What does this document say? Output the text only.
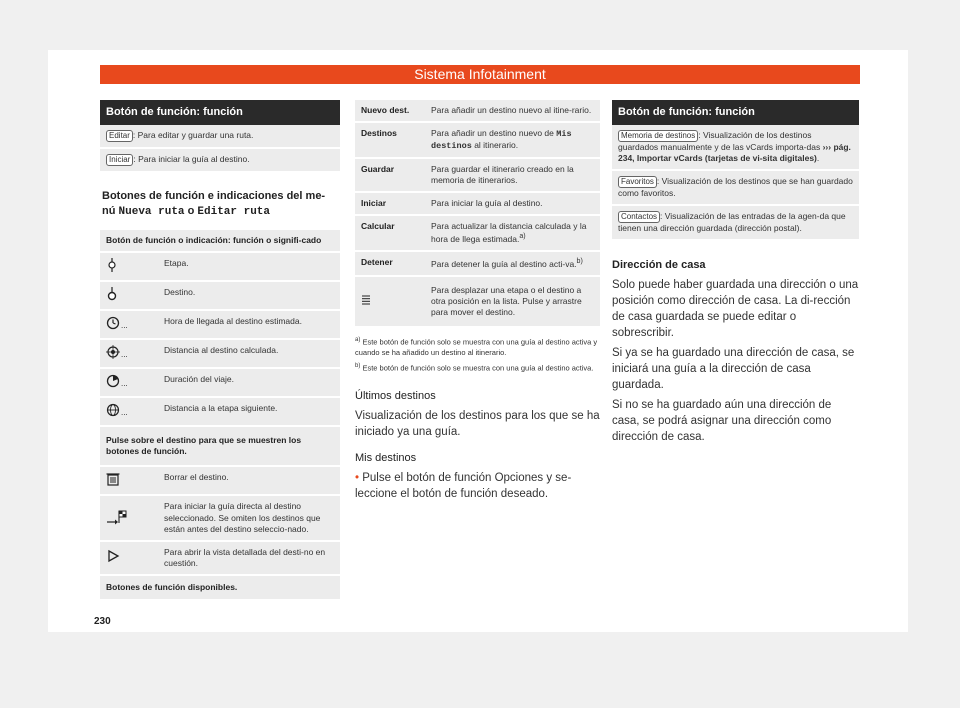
Sistema Infotainment
Botón de función: función
Editar : Para editar y guardar una ruta.
Iniciar : Para iniciar la guía al destino.
Botones de función e indicaciones del me-
nú Nueva ruta o Editar ruta
Botón de función o indicación: función o signifi-cado	
	Etapa.
	Destino.

...	Hora de llegada al destino estimada.

...	Distancia al destino calculada.

...	Duración del viaje.

...	Distancia a la etapa siguiente.
Pulse sobre el destino para que se muestren los botones de función.	
	Borrar el destino.
	Para iniciar la guía directa al destino seleccionado. Se omiten los destinos que están antes del destino seleccio-nado.
	Para abrir la vista detallada del desti-no en cuestión.
Botones de función disponibles.	
Nuevo dest.	Para añadir un destino nuevo al itine-rario.
Destinos	Para añadir un destino nuevo de Mis destinos al itinerario.
Guardar	Para guardar el itinerario creado en la memoria de itinerarios.
Iniciar	Para iniciar la guía al destino.
Calcular	Para actualizar la distancia calculada y la hora de llega estimada.$^{a)}$
Detener	Para detener la guía al destino acti-va.$^{b)}$
	Para desplazar una etapa o el destino a otra posición en la lista. Pulse y arrastre para mover el destino.
$^{a)}$ Este botón de función solo se muestra con una guía al destino activa y cuando se ha añadido un destino al itinerario.
$^{b)}$ Este botón de función solo se muestra con una guía al destino activa.
Últimos destinos

Visualización de los destinos para los que se ha iniciado ya una guía.

Mis destinos

• Pulse el botón de función Opciones y se-leccione el botón de función deseado.

Botón de función: función
Memoria de destinos : Visualización de los destinos guardados manualmente y de las vCards importa-das ››› pág. 234, Importar vCards (tarjetas de vi-sita digitales).
Favoritos : Visualización de los destinos que se han guardado como favoritos.
Contactos : Visualización de las entradas de la agen-da que tienen una dirección guardada (dirección postal).
Dirección de casa

Solo puede haber guardada una dirección o una posición como dirección de casa. La di-rección de casa guardada se puede editar o sobrescribir.

Si ya se ha guardado una dirección de casa, se iniciará una guía a la dirección de casa guardada.

Si no se ha guardado aún una dirección de casa, se podrá asignar una dirección como dirección de casa.

230
